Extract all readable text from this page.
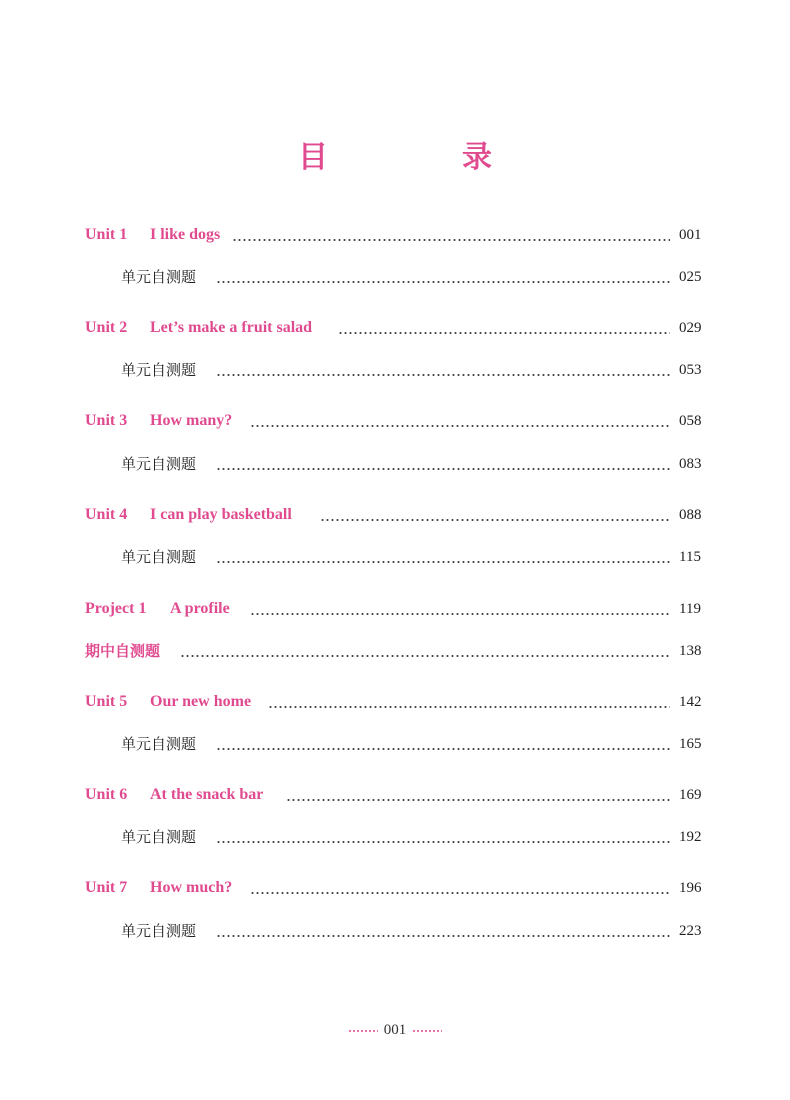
目　录
Unit 1 I like dogs	001
单元自测题	025
Unit 2 Let’s make a fruit salad	029
单元自测题	053
Unit 3 How many?	058
单元自测题	083
Unit 4 I can play basketball	088
单元自测题	115
Project 1 A profile	119
期中自测题	138
Unit 5 Our new home	142
单元自测题	165
Unit 6 At the snack bar	169
单元自测题	192
Unit 7 How much?	196
单元自测题	223
001
